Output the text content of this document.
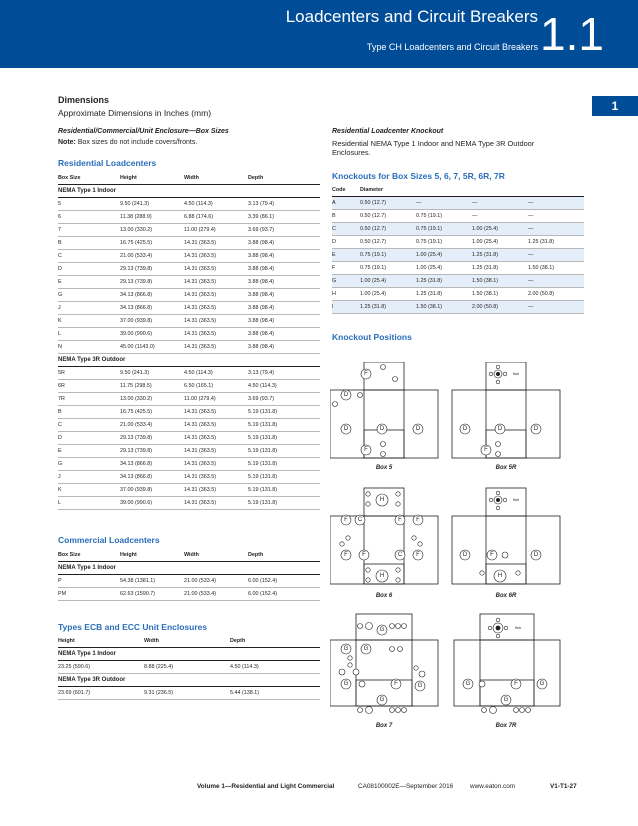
Loadcenters and Circuit Breakers
Type CH Loadcenters and Circuit Breakers 1.1
1
Dimensions
Approximate Dimensions in Inches (mm)
Residential/Commercial/Unit Enclosure—Box Sizes
Note: Box sizes do not include covers/fronts.
Residential Loadcenters
Box Size	Height	Width	Depth
NEMA Type 1 Indoor			
5	9.50 (241.3)	4.50 (114.3)	3.13 (79.4)
6	11.38 (288.9)	6.88 (174.6)	3.39 (86.1)
7	13.00 (330.2)	11.00 (279.4)	3.69 (93.7)
B	16.75 (425.5)	14.31 (363.5)	3.88 (98.4)
C	21.00 (533.4)	14.31 (363.5)	3.88 (98.4)
D	29.13 (739.8)	14.31 (363.5)	3.88 (98.4)
E	29.13 (739.8)	14.31 (363.5)	3.88 (98.4)
G	34.13 (866.8)	14.31 (363.5)	3.88 (98.4)
J	34.13 (866.8)	14.31 (363.5)	3.88 (98.4)
K	37.00 (939.8)	14.31 (363.5)	3.88 (98.4)
L	39.00 (990.6)	14.31 (363.5)	3.88 (98.4)
N	45.00 (1143.0)	14.31 (363.5)	3.88 (98.4)
NEMA Type 3R Outdoor			
5R	9.50 (241.3)	4.50 (114.3)	3.13 (79.4)
6R	11.75 (298.5)	6.50 (165.1)	4.50 (114.3)
7R	13.00 (330.2)	11.00 (279.4)	3.69 (93.7)
B	16.75 (425.5)	14.31 (363.5)	5.19 (131.8)
C	21.00 (533.4)	14.31 (363.5)	5.19 (131.8)
D	29.13 (739.8)	14.31 (363.5)	5.19 (131.8)
E	29.13 (739.8)	14.31 (363.5)	5.19 (131.8)
G	34.13 (866.8)	14.31 (363.5)	5.19 (131.8)
J	34.13 (866.8)	14.31 (363.5)	5.19 (131.8)
K	37.00 (939.8)	14.31 (363.5)	5.19 (131.8)
L	39.00 (990.6)	14.31 (363.5)	5.19 (131.8)
Commercial Loadcenters
Box Size	Height	Width	Depth
NEMA Type 1 Indoor			
P	54.38 (1381.1)	21.00 (533.4)	6.00 (152.4)
PM	62.63 (1590.7)	21.00 (533.4)	6.00 (152.4)
Types ECB and ECC Unit Enclosures
Height	Width	Depth
NEMA Type 1 Indoor		
23.25 (590.6)	8.88 (225.4)	4.50 (114.3)
NEMA Type 3R Outdoor		
23.69 (601.7)	9.31 (236.5)	5.44 (138.1)
Residential Loadcenter Knockout
Residential NEMA Type 1 Indoor and NEMA Type 3R Outdoor Enclosures.
Knockouts for Box Sizes 5, 6, 7, 5R, 6R, 7R
Code	Diameter			
A	0.50 (12.7)	—	—	—
B	0.50 (12.7)	0.75 (19.1)	—	—
C	0.50 (12.7)	0.75 (19.1)	1.00 (25.4)	—
D	0.50 (12.7)	0.75 (19.1)	1.00 (25.4)	1.25 (31.8)
E	0.75 (19.1)	1.00 (25.4)	1.25 (31.8)	—
F	0.75 (19.1)	1.00 (25.4)	1.25 (31.8)	1.50 (38.1)
G	1.00 (25.4)	1.25 (31.8)	1.50 (38.1)	—
H	1.00 (25.4)	1.25 (31.8)	1.50 (38.1)	2.00 (50.8)
I	1.25 (31.8)	1.50 (38.1)	2.00 (50.8)	—
Knockout Positions
F
D
D	D	D
F
Box 5
Hub
D	D	D
F
Box 5R
H
F C	F F
F F	C F
H
Box 6
Hub
D	F	D
H
Box 6R
G
G	G
G	F	G
G
Box 7
Hub
G	F	G
G
Box 7R
Volume 1—Residential and Light Commercial	CA08100002E—September 2016	www.eaton.com	V1-T1-27
